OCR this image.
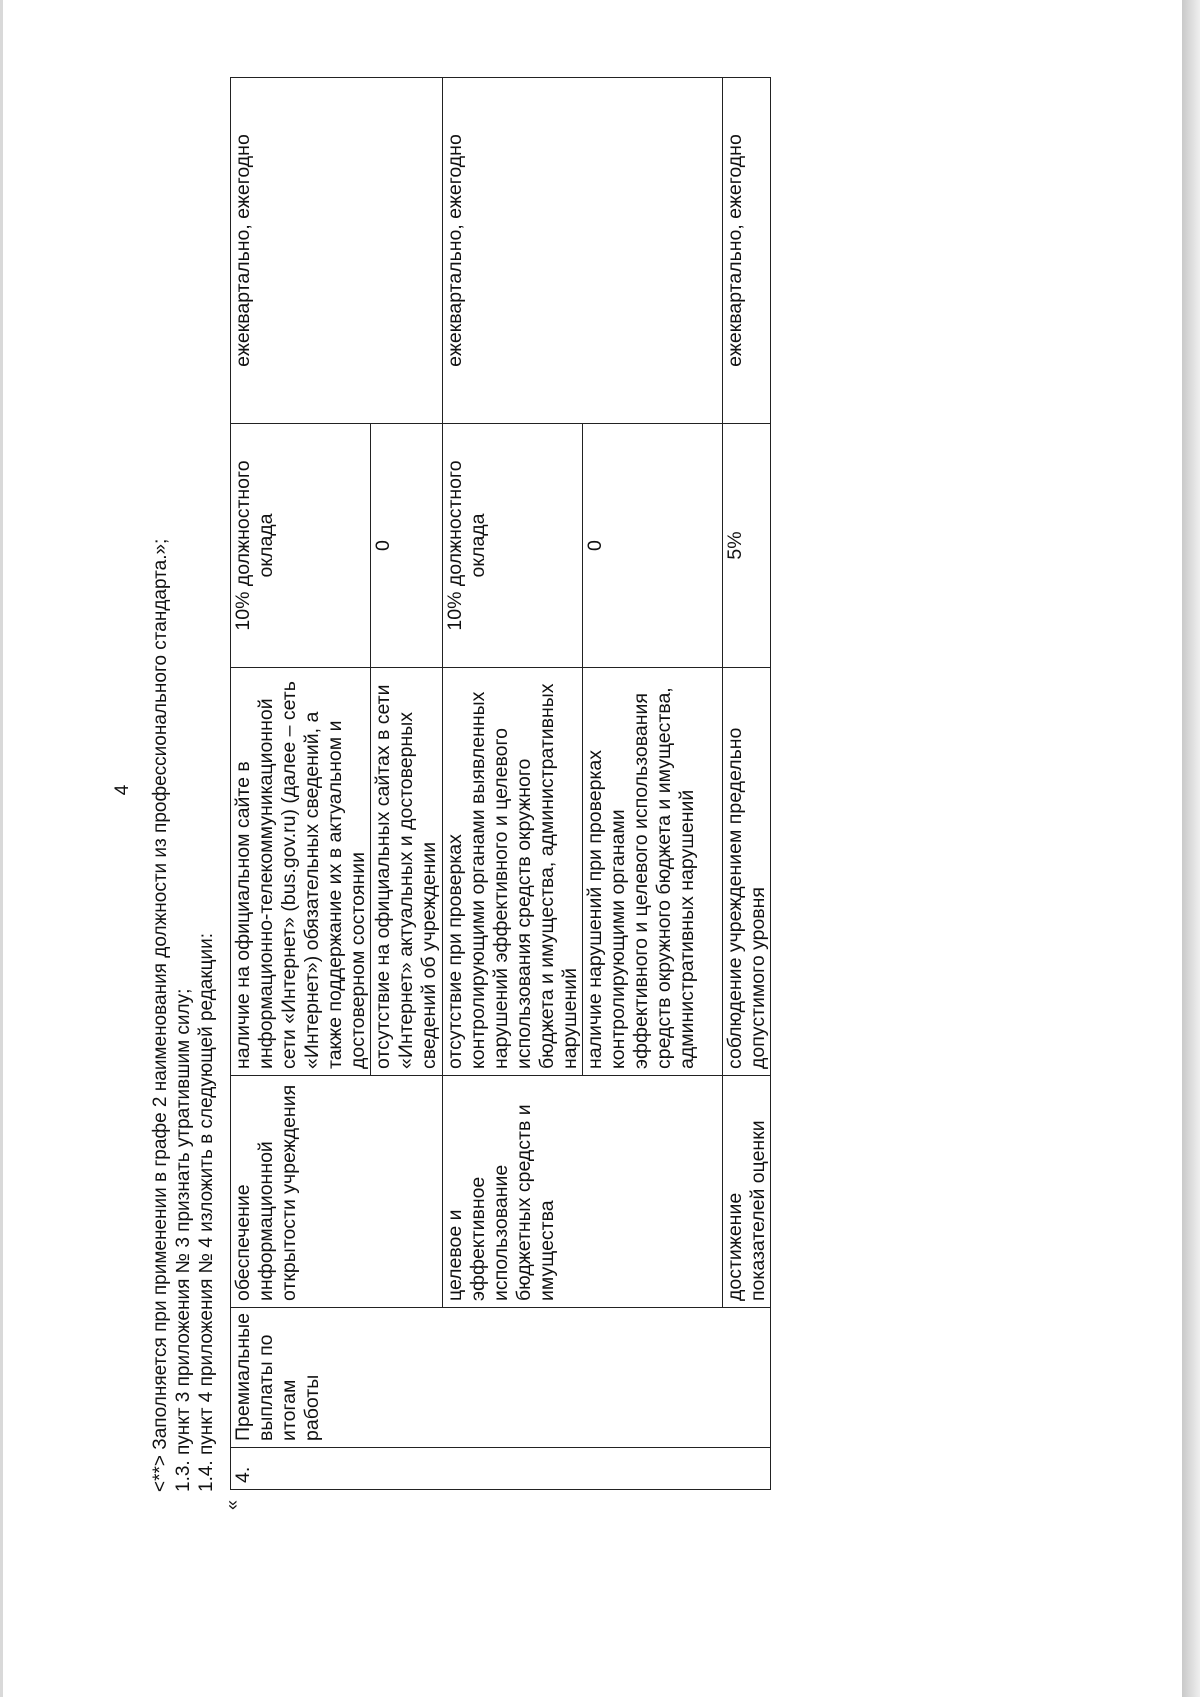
4 <**> Заполняется при применении в графе 2 наименования должности из профессионального стандарта.»; 1.3. пункт 3 приложения № 3 признать утратившим силу; 1.4. пункт 4 приложения № 4 изложить в следующей редакции:
«
4.	Премиальные выплаты по итогам работы	обеспечение информационной открытости учреждения	наличие на официальном сайте в информационно-телекоммуникационной сети «Интернет» (bus.gov.ru) (далее – сеть «Интернет») обязательных сведений, а также поддержание их в актуальном и достоверном состоянии	10% должностного оклада	ежеквартально, ежегодно
			отсутствие на официальных сайтах в сети «Интернет» актуальных и достоверных сведений об учреждении	0	
		целевое и эффективное использование бюджетных средств и имущества	отсутствие при проверках контролирующими органами выявленных нарушений эффективного и целевого использования средств окружного бюджета и имущества, административных нарушений	10% должностного оклада	ежеквартально, ежегодно
			наличие нарушений при проверках контролирующими органами эффективного и целевого использования средств окружного бюджета и имущества, административных нарушений	0	
		достижение показателей оценки	соблюдение учреждением предельно допустимого уровня	5%	ежеквартально, ежегодно
